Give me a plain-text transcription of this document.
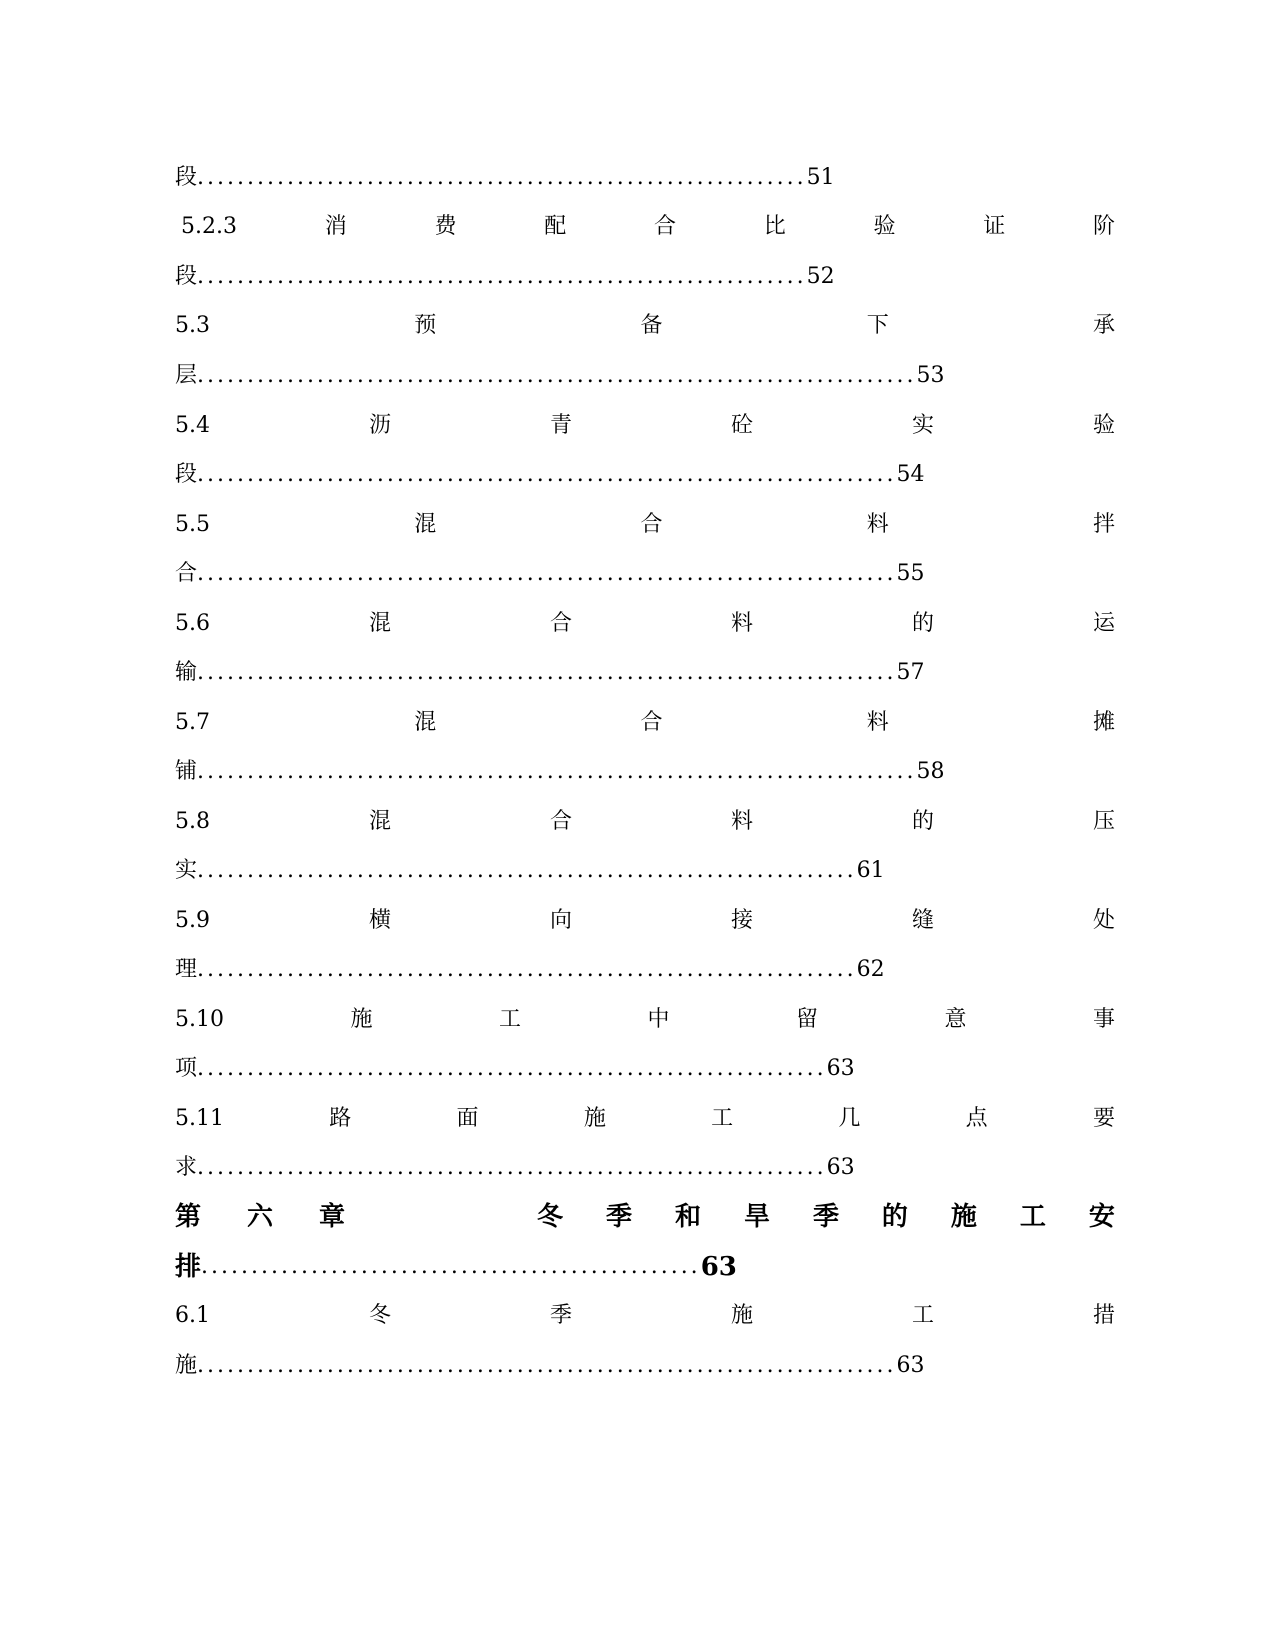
段 ............................................................. 51
5.2.3	消	费	配	合	比	验	证	阶
段 ............................................................. 52
5.3	预	备	下	承
层 ........................................................................ 53
5.4	沥	青	砼	实	验
段 ...................................................................... 54
5.5	混	合	料	拌
合 ...................................................................... 55
5.6	混	合	料	的	运
输 ...................................................................... 57
5.7	混	合	料	摊
铺 ........................................................................ 58
5.8	混	合	料	的	压
实 .................................................................. 61
5.9	横	向	接	缝	处
理 .................................................................. 62
5.10	施	工	中	留	意	事
项 ............................................................... 63
5.11	路	面	施	工	几	点	要
求 ............................................................... 63
第 六 章	冬 季 和 旱 季 的 施 工 安
排 .................................................. 63
6.1	冬	季	施	工	措
施 ...................................................................... 63
